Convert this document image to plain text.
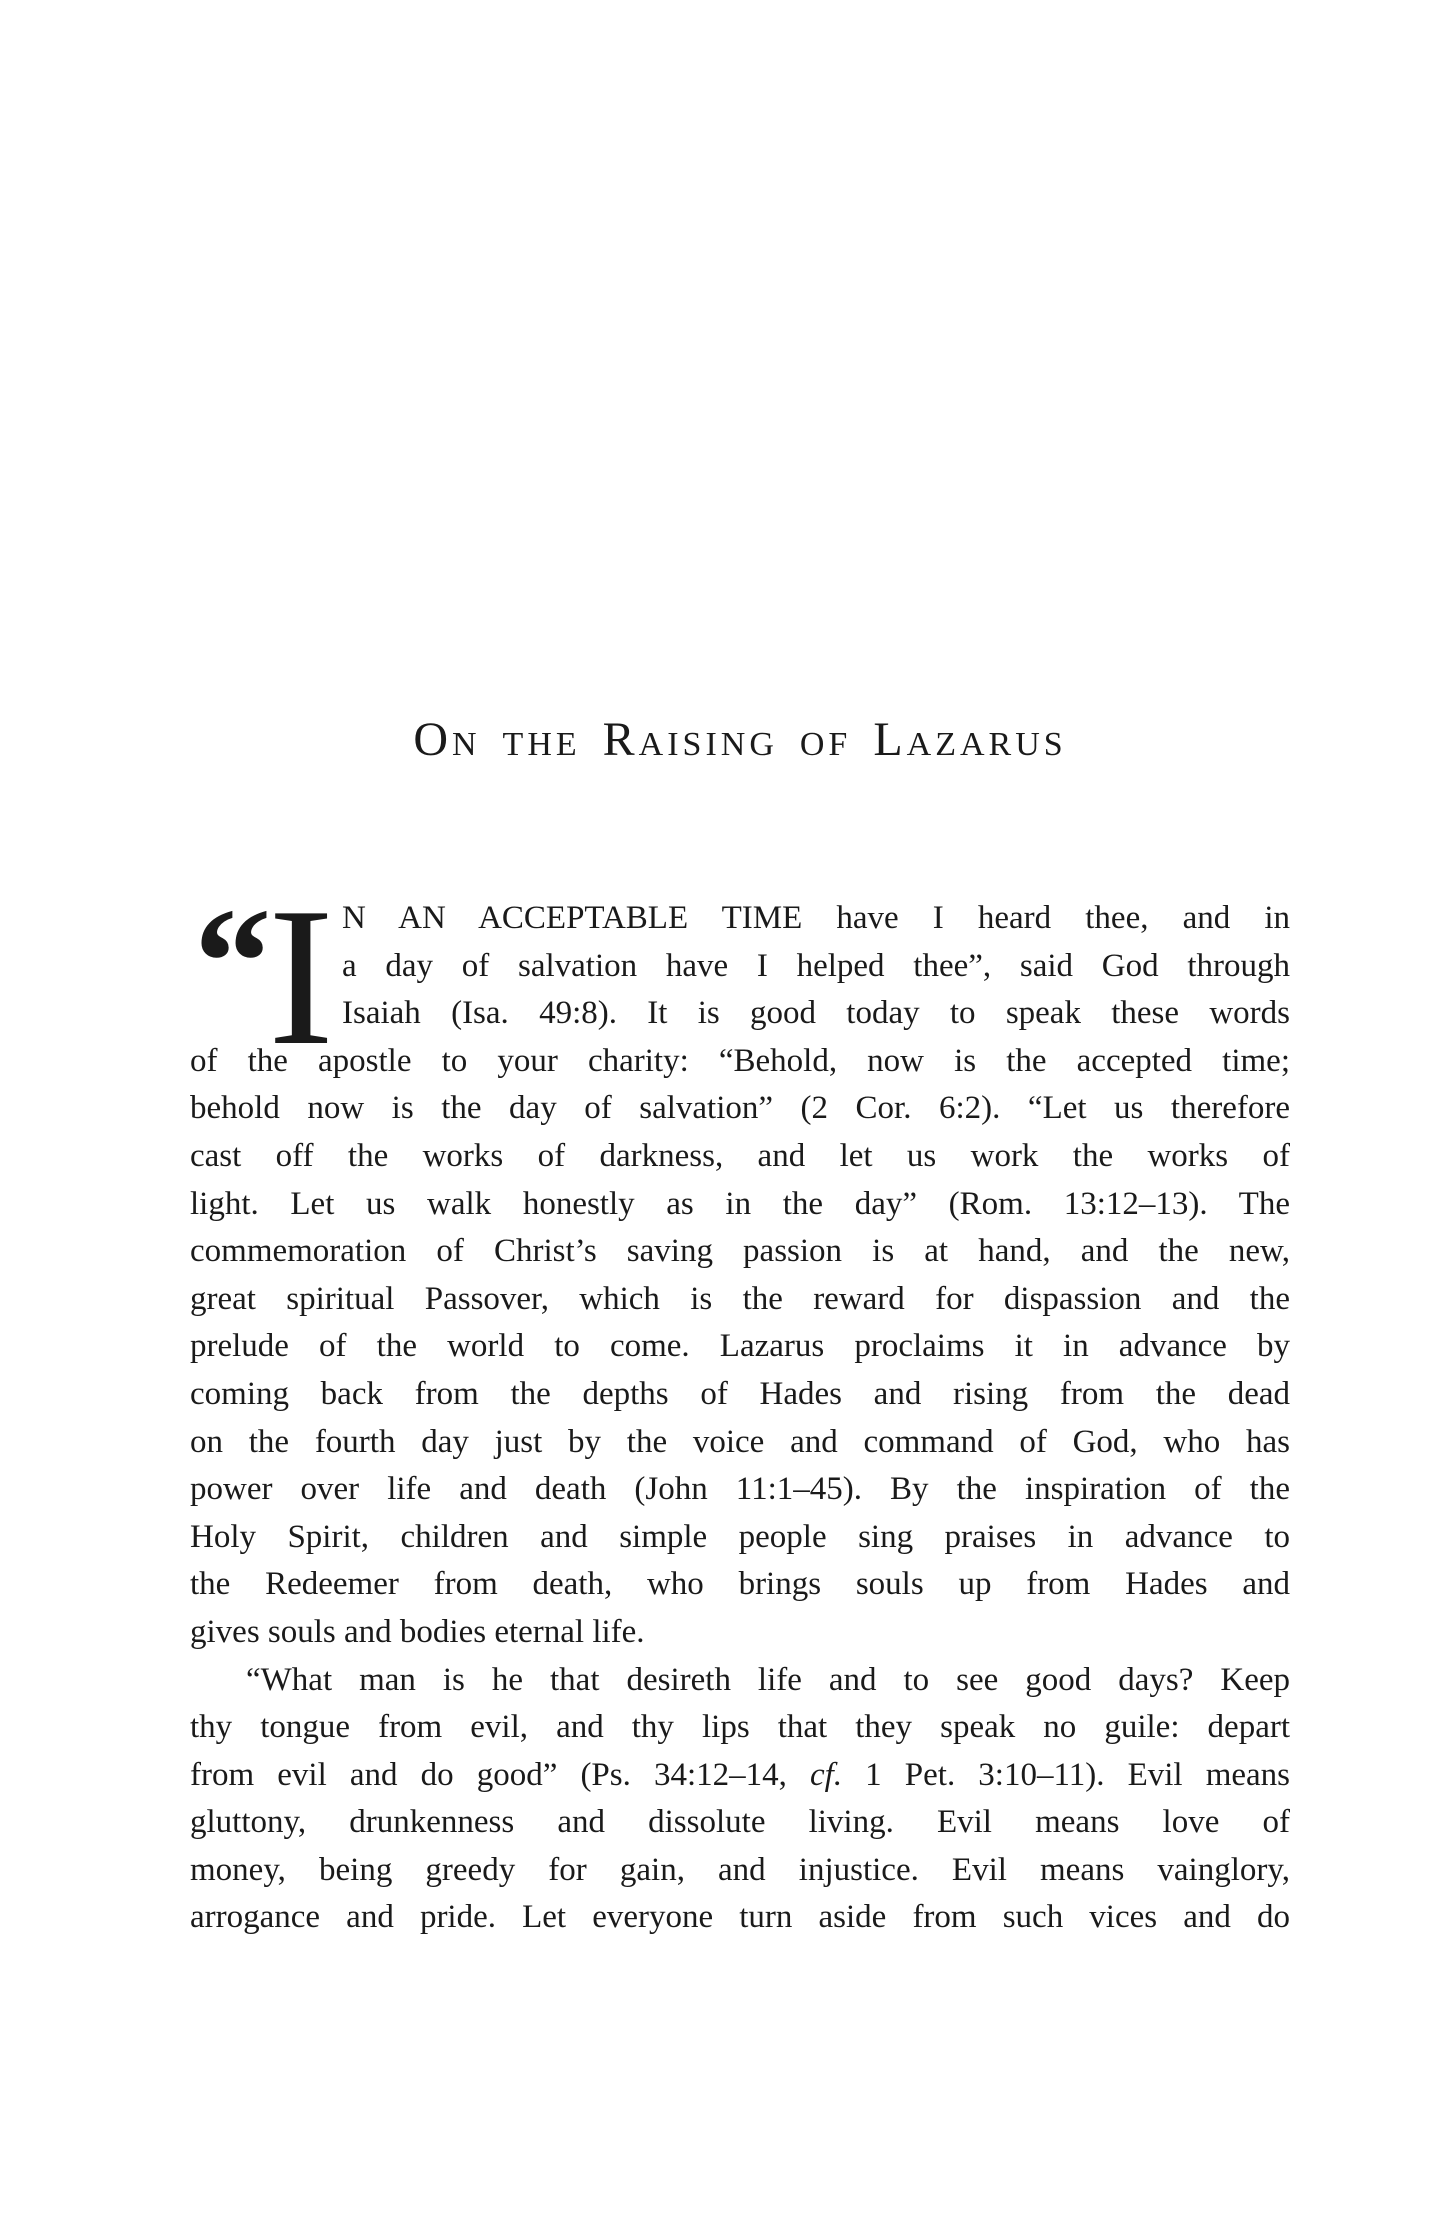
On the Raising of Lazarus
“ I N AN ACCEPTABLE TIME have I heard thee, and in
a day of salvation have I helped thee”, said God through
Isaiah (Isa. 49:8). It is good today to speak these words
of the apostle to your charity: “Behold, now is the accepted time;
behold now is the day of salvation” (2 Cor. 6:2). “Let us therefore
cast off the works of darkness, and let us work the works of
light. Let us walk honestly as in the day” (Rom. 13:12–13). The
commemoration of Christ’s saving passion is at hand, and the new,
great spiritual Passover, which is the reward for dispassion and the
prelude of the world to come. Lazarus proclaims it in advance by
coming back from the depths of Hades and rising from the dead
on the fourth day just by the voice and command of God, who has
power over life and death (John 11:1–45). By the inspiration of the
Holy Spirit, children and simple people sing praises in advance to
the Redeemer from death, who brings souls up from Hades and
gives souls and bodies eternal life.
“What man is he that desireth life and to see good days? Keep
thy tongue from evil, and thy lips that they speak no guile: depart
from evil and do good” (Ps. 34:12–14, cf. 1 Pet. 3:10–11). Evil means
gluttony, drunkenness and dissolute living. Evil means love of
money, being greedy for gain, and injustice. Evil means vainglory,
arrogance and pride. Let everyone turn aside from such vices and do
